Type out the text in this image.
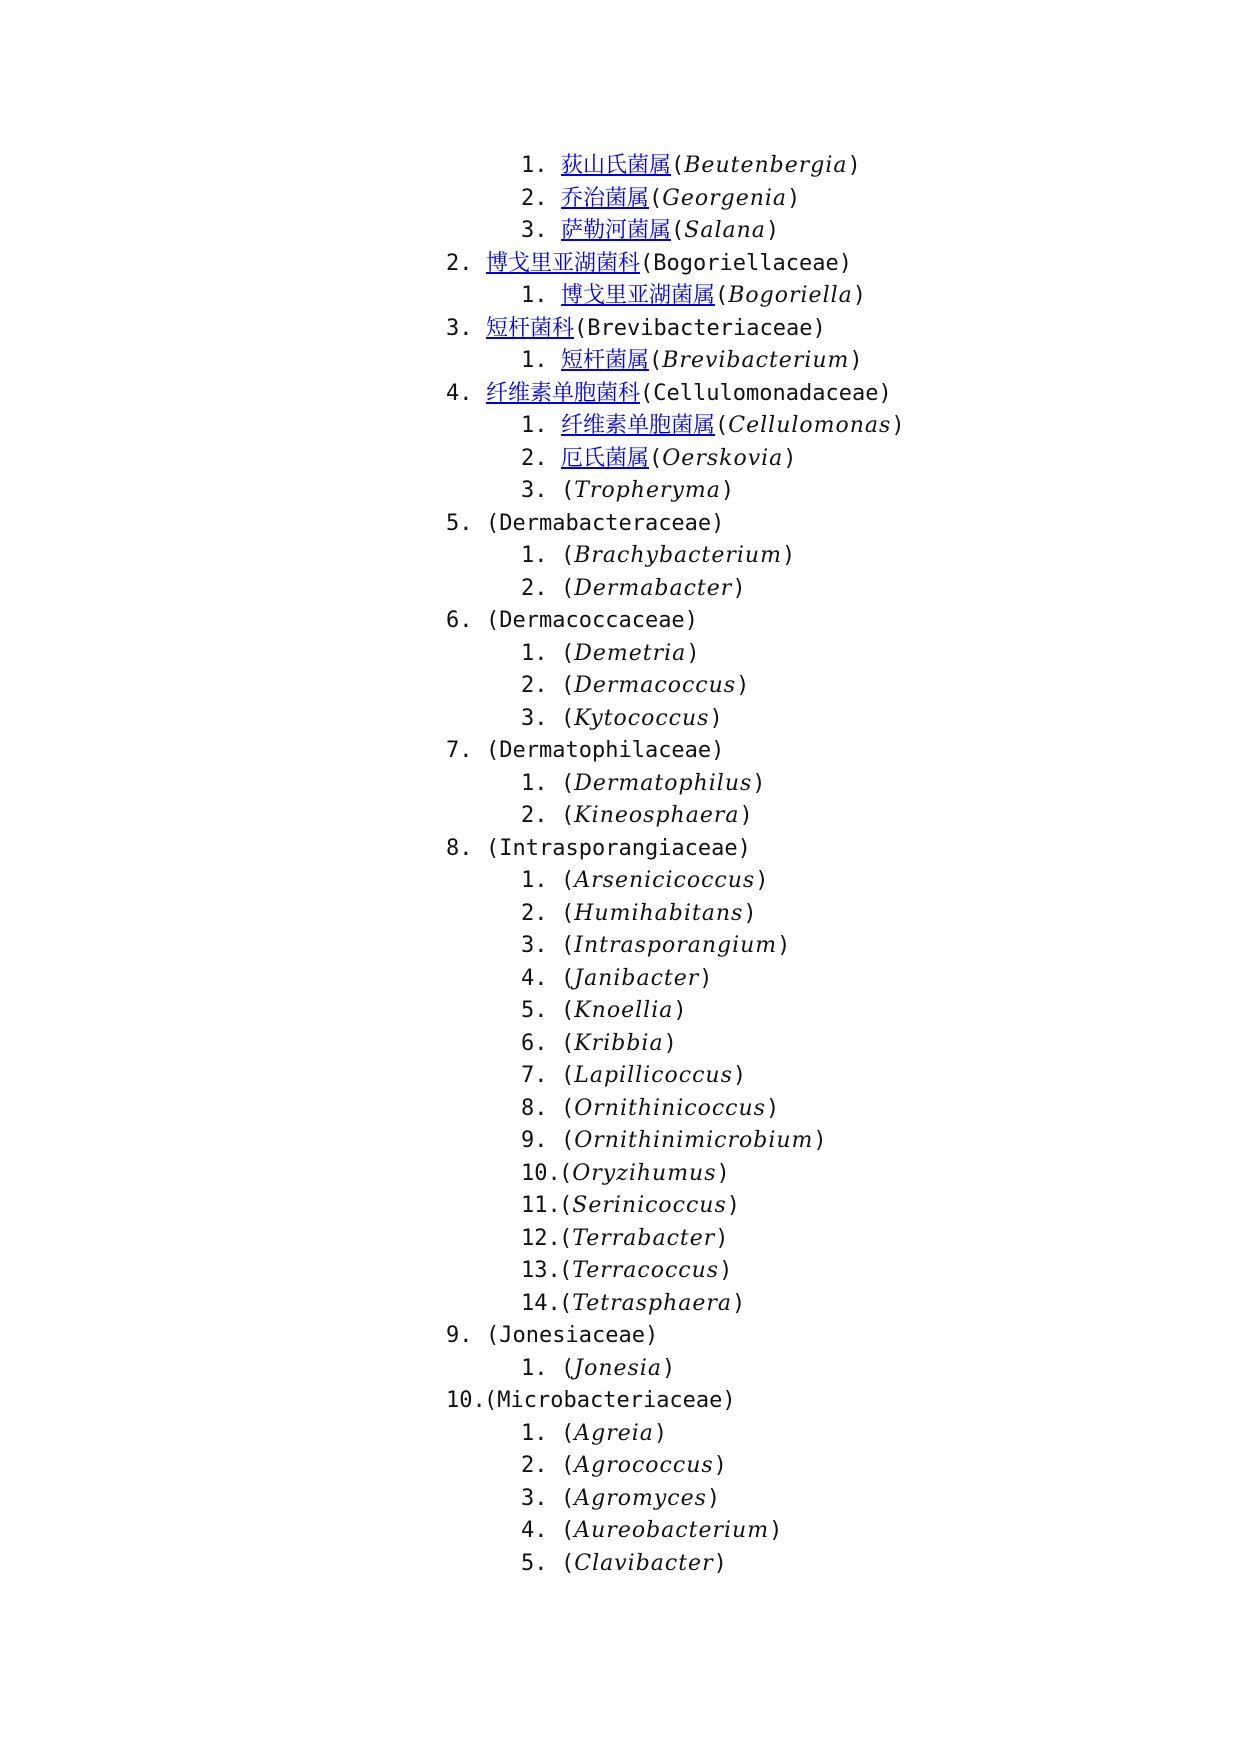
1. 荻山氏菌属(Beutenbergia)
2. 乔治菌属(Georgenia)
3. 萨勒河菌属(Salana)
2. 博戈里亚湖菌科(Bogoriellaceae)
1. 博戈里亚湖菌属(Bogoriella)
3. 短杆菌科(Brevibacteriaceae)
1. 短杆菌属(Brevibacterium)
4. 纤维素单胞菌科(Cellulomonadaceae)
1. 纤维素单胞菌属(Cellulomonas)
2. 厄氏菌属(Oerskovia)
3. (Tropheryma)
5. (Dermabacteraceae)
1. (Brachybacterium)
2. (Dermabacter)
6. (Dermacoccaceae)
1. (Demetria)
2. (Dermacoccus)
3. (Kytococcus)
7. (Dermatophilaceae)
1. (Dermatophilus)
2. (Kineosphaera)
8. (Intrasporangiaceae)
1. (Arsenicicoccus)
2. (Humihabitans)
3. (Intrasporangium)
4. (Janibacter)
5. (Knoellia)
6. (Kribbia)
7. (Lapillicoccus)
8. (Ornithinicoccus)
9. (Ornithinimicrobium)
10.(Oryzihumus)
11.(Serinicoccus)
12.(Terrabacter)
13.(Terracoccus)
14.(Tetrasphaera)
9. (Jonesiaceae)
1. (Jonesia)
10.(Microbacteriaceae)
1. (Agreia)
2. (Agrococcus)
3. (Agromyces)
4. (Aureobacterium)
5. (Clavibacter)
